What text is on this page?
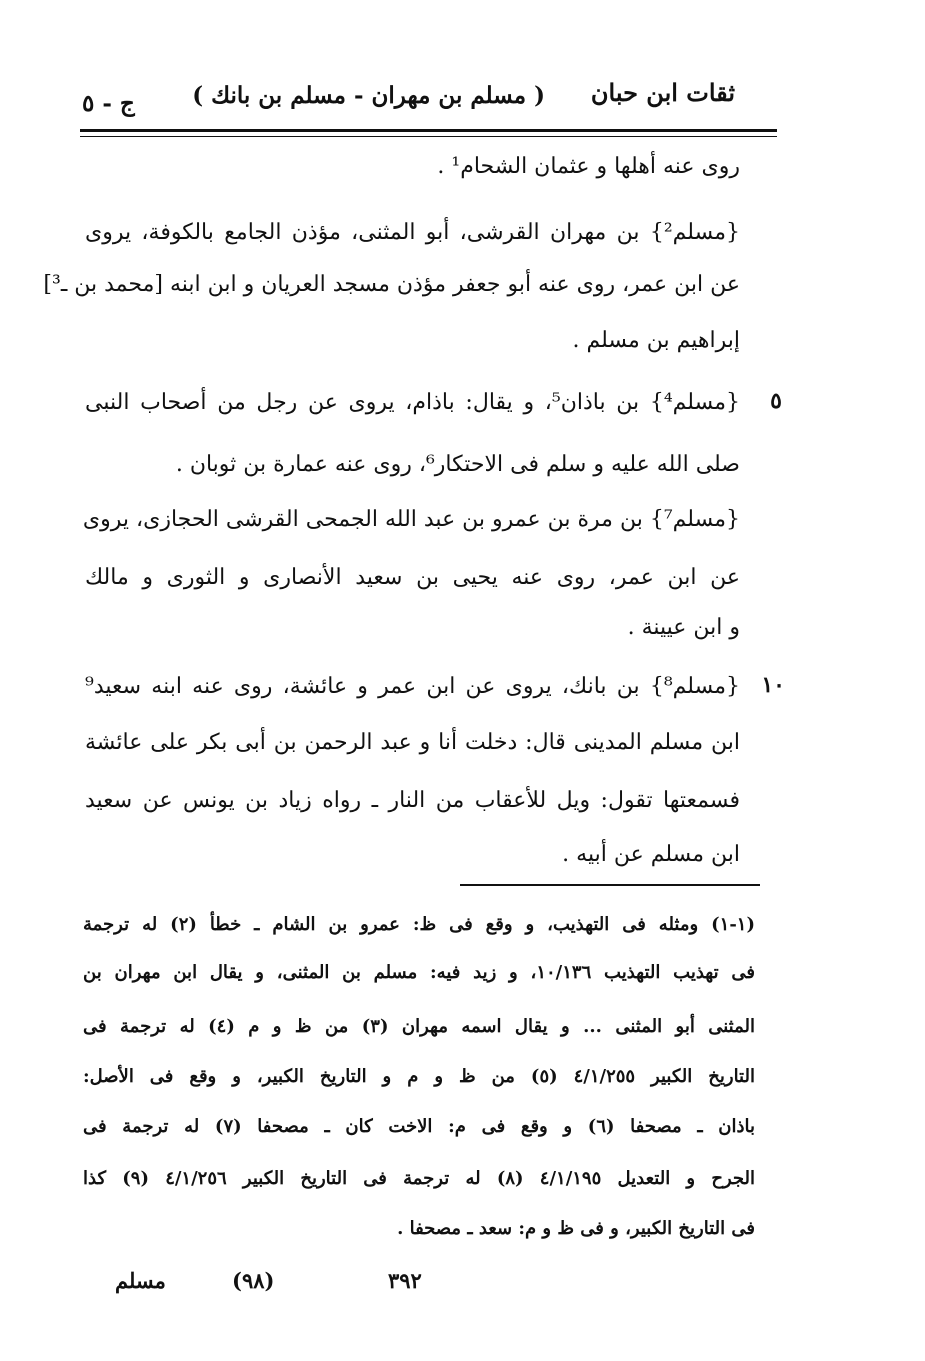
ثقات ابن حبان
( مسلم بن مهران - مسلم بن بانك )
ج - ٥
روى عنه أهلها و عثمان الشحام¹ .
{مسلم²} بن مهران القرشى، أبو المثنى، مؤذن الجامع بالكوفة، يروى
عن ابن عمر، روى عنه أبو جعفر مؤذن مسجد العريان و ابن ابنه [محمد بن ـ³]
إبراهيم بن مسلم .
٥
{مسلم⁴} بن باذان⁵، و يقال: باذام، يروى عن رجل من أصحاب النبى
صلى الله عليه و سلم فى الاحتكار⁶، روى عنه عمارة بن ثوبان .
{مسلم⁷} بن مرة بن عمرو بن عبد الله الجمحى القرشى الحجازى، يروى
عن ابن عمر، روى عنه يحيى بن سعيد الأنصارى و الثورى و مالك
و ابن عيينة .
١٠
{مسلم⁸} بن بانك، يروى عن ابن عمر و عائشة، روى عنه ابنه سعيد⁹
ابن مسلم المدينى قال: دخلت أنا و عبد الرحمن بن أبى بكر على عائشة
فسمعتها تقول: ويل للأعقاب من النار ـ رواه زياد بن يونس عن سعيد
ابن مسلم عن أبيه .
(١-١) ومثله فى التهذيب، و وقع فى ظ: عمرو بن الشام ـ خطأ (٢) له ترجمة
فى تهذيب التهذيب ١٠/١٣٦، و زيد فيه: مسلم بن المثنى، و يقال ابن مهران بن
المثنى أبو المثنى ... و يقال اسمه مهران (٣) من ظ و م (٤) له ترجمة فى
التاريخ الكبير ٤/١/٢٥٥ (٥) من ظ و م و التاريخ الكبير، و وقع فى الأصل:
باذان ـ مصحفا (٦) و وقع فى م: الاخت كان ـ مصحفا (٧) له ترجمة فى
الجرح و التعديل ٤/١/١٩٥ (٨) له ترجمة فى التاريخ الكبير ٤/١/٢٥٦ (٩) كذا
فى التاريخ الكبير، و فى ظ و م: سعد ـ مصحفا .
٣٩٢
(٩٨)
مسلم
